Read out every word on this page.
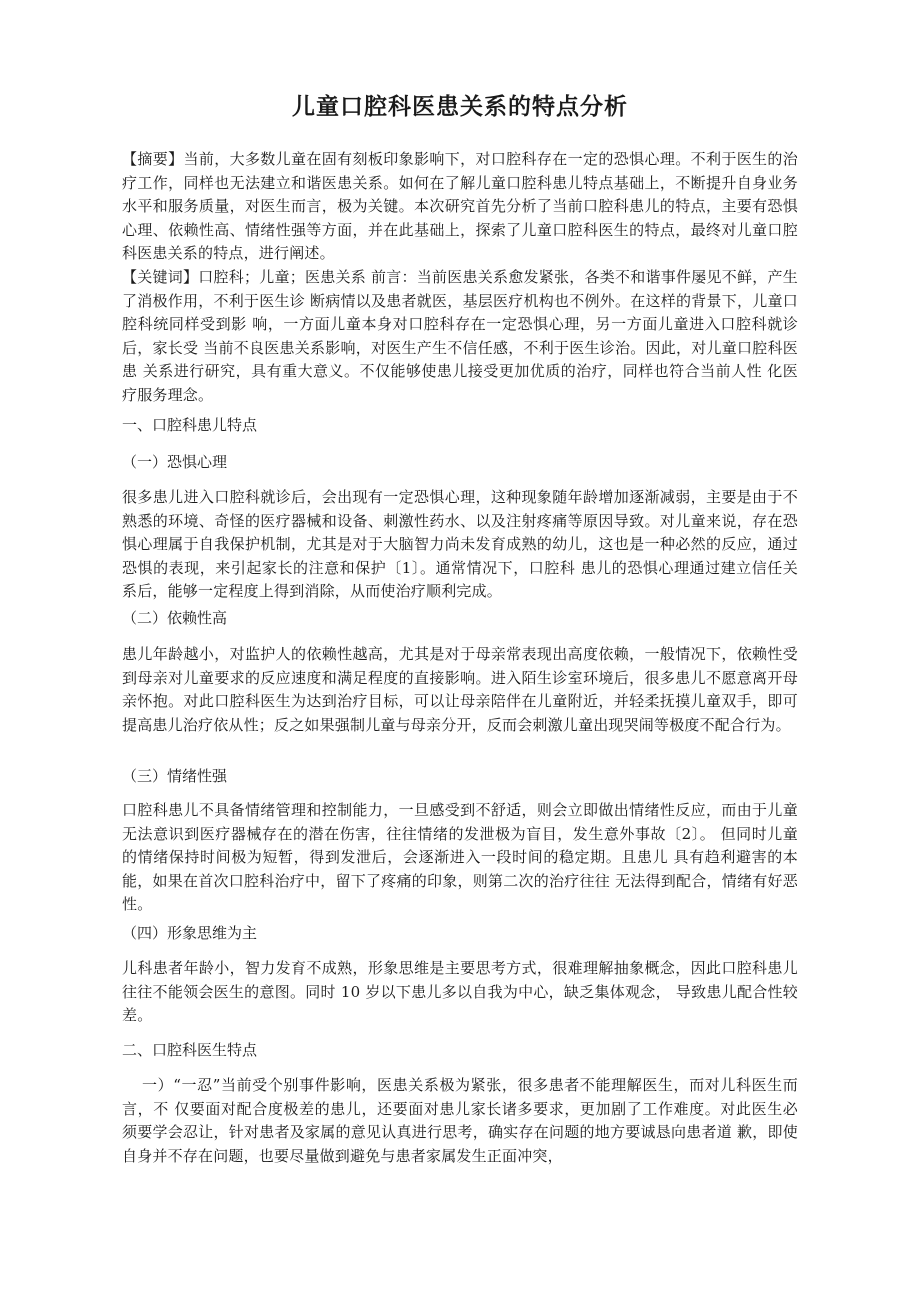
儿童口腔科医患关系的特点分析

【摘要】当前，大多数儿童在固有刻板印象影响下，对口腔科存在一定的恐惧心理。不利于医生的治疗工作，同样也无法建立和谐医患关系。如何在了解儿童口腔科患儿特点基础上，不断提升自身业务水平和服务质量，对医生而言，极为关键。本次研究首先分析了当前口腔科患儿的特点，主要有恐惧心理、依赖性高、情绪性强等方面，并在此基础上，探索了儿童口腔科医生的特点，最终对儿童口腔科医患关系的特点，进行阐述。

【关键词】口腔科；儿童；医患关系 前言：当前医患关系愈发紧张，各类不和谐事件屡见不鲜，产生了消极作用，不利于医生诊 断病情以及患者就医，基层医疗机构也不例外。在这样的背景下，儿童口腔科统同样受到影 响，一方面儿童本身对口腔科存在一定恐惧心理，另一方面儿童进入口腔科就诊后，家长受 当前不良医患关系影响，对医生产生不信任感，不利于医生诊治。因此，对儿童口腔科医患 关系进行研究，具有重大意义。不仅能够使患儿接受更加优质的治疗，同样也符合当前人性 化医疗服务理念。

一、口腔科患儿特点

（一）恐惧心理

很多患儿进入口腔科就诊后，会出现有一定恐惧心理，这种现象随年龄增加逐渐减弱，主要是由于不熟悉的环境、奇怪的医疗器械和设备、刺激性药水、以及注射疼痛等原因导致。对儿童来说，存在恐惧心理属于自我保护机制，尤其是对于大脑智力尚未发育成熟的幼儿，这也是一种必然的反应，通过恐惧的表现，来引起家长的注意和保护〔1〕。通常情况下，口腔科 患儿的恐惧心理通过建立信任关系后，能够一定程度上得到消除，从而使治疗顺利完成。

（二）依赖性高

患儿年龄越小，对监护人的依赖性越高，尤其是对于母亲常表现出高度依赖，一般情况下，依赖性受到母亲对儿童要求的反应速度和满足程度的直接影响。进入陌生诊室环境后，很多患儿不愿意离开母亲怀抱。对此口腔科医生为达到治疗目标，可以让母亲陪伴在儿童附近，并轻柔抚摸儿童双手，即可提高患儿治疗依从性；反之如果强制儿童与母亲分开，反而会刺激儿童出现哭闹等极度不配合行为。

（三）情绪性强

口腔科患儿不具备情绪管理和控制能力，一旦感受到不舒适，则会立即做出情绪性反应，而由于儿童无法意识到医疗器械存在的潜在伤害，往往情绪的发泄极为盲目，发生意外事故〔2〕。 但同时儿童的情绪保持时间极为短暂，得到发泄后，会逐渐进入一段时间的稳定期。且患儿 具有趋利避害的本能，如果在首次口腔科治疗中，留下了疼痛的印象，则第二次的治疗往往 无法得到配合，情绪有好恶性。

（四）形象思维为主

儿科患者年龄小，智力发育不成熟，形象思维是主要思考方式，很难理解抽象概念，因此口腔科患儿往往不能领会医生的意图。同时 10 岁以下患儿多以自我为中心，缺乏集体观念， 导致患儿配合性较差。

二、口腔科医生特点

一）“一忍”当前受个别事件影响，医患关系极为紧张，很多患者不能理解医生，而对儿科医生而言，不 仅要面对配合度极差的患儿，还要面对患儿家长诸多要求，更加剧了工作难度。对此医生必 须要学会忍让，针对患者及家属的意见认真进行思考，确实存在问题的地方要诚恳向患者道 歉，即使自身并不存在问题，也要尽量做到避免与患者家属发生正面冲突，
